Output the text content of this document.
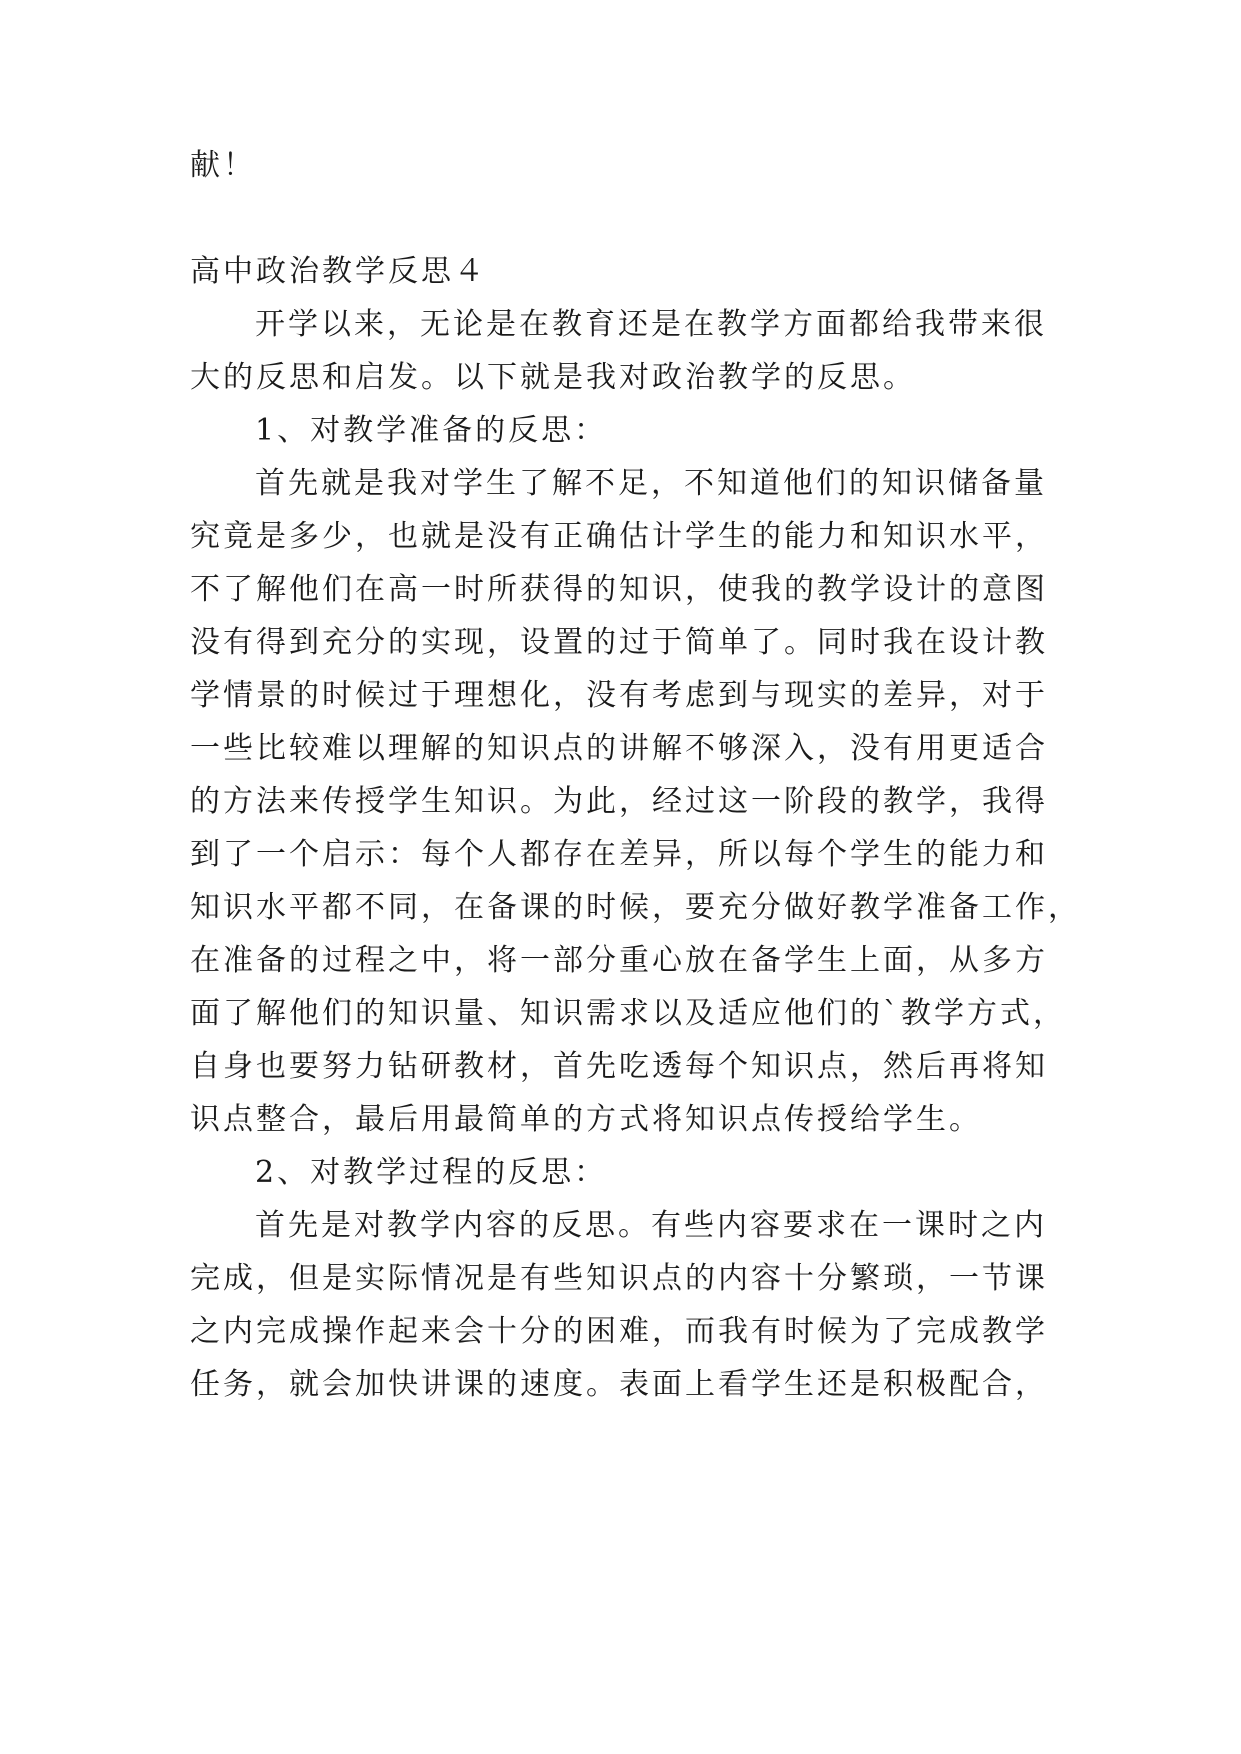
献！
高中政治教学反思４
开学以来，无论是在教育还是在教学方面都给我带来很
大的反思和启发。以下就是我对政治教学的反思。
1、对教学准备的反思：
首先就是我对学生了解不足，不知道他们的知识储备量
究竟是多少，也就是没有正确估计学生的能力和知识水平，
不了解他们在高一时所获得的知识，使我的教学设计的意图
没有得到充分的实现，设置的过于简单了。同时我在设计教
学情景的时候过于理想化，没有考虑到与现实的差异，对于
一些比较难以理解的知识点的讲解不够深入，没有用更适合
的方法来传授学生知识。为此，经过这一阶段的教学，我得
到了一个启示：每个人都存在差异，所以每个学生的能力和
知识水平都不同，在备课的时候，要充分做好教学准备工作，
在准备的过程之中，将一部分重心放在备学生上面，从多方
面了解他们的知识量、知识需求以及适应他们的`教学方式，
自身也要努力钻研教材，首先吃透每个知识点，然后再将知
识点整合，最后用最简单的方式将知识点传授给学生。
2、对教学过程的反思：
首先是对教学内容的反思。有些内容要求在一课时之内
完成，但是实际情况是有些知识点的内容十分繁琐，一节课
之内完成操作起来会十分的困难，而我有时候为了完成教学
任务，就会加快讲课的速度。表面上看学生还是积极配合，
